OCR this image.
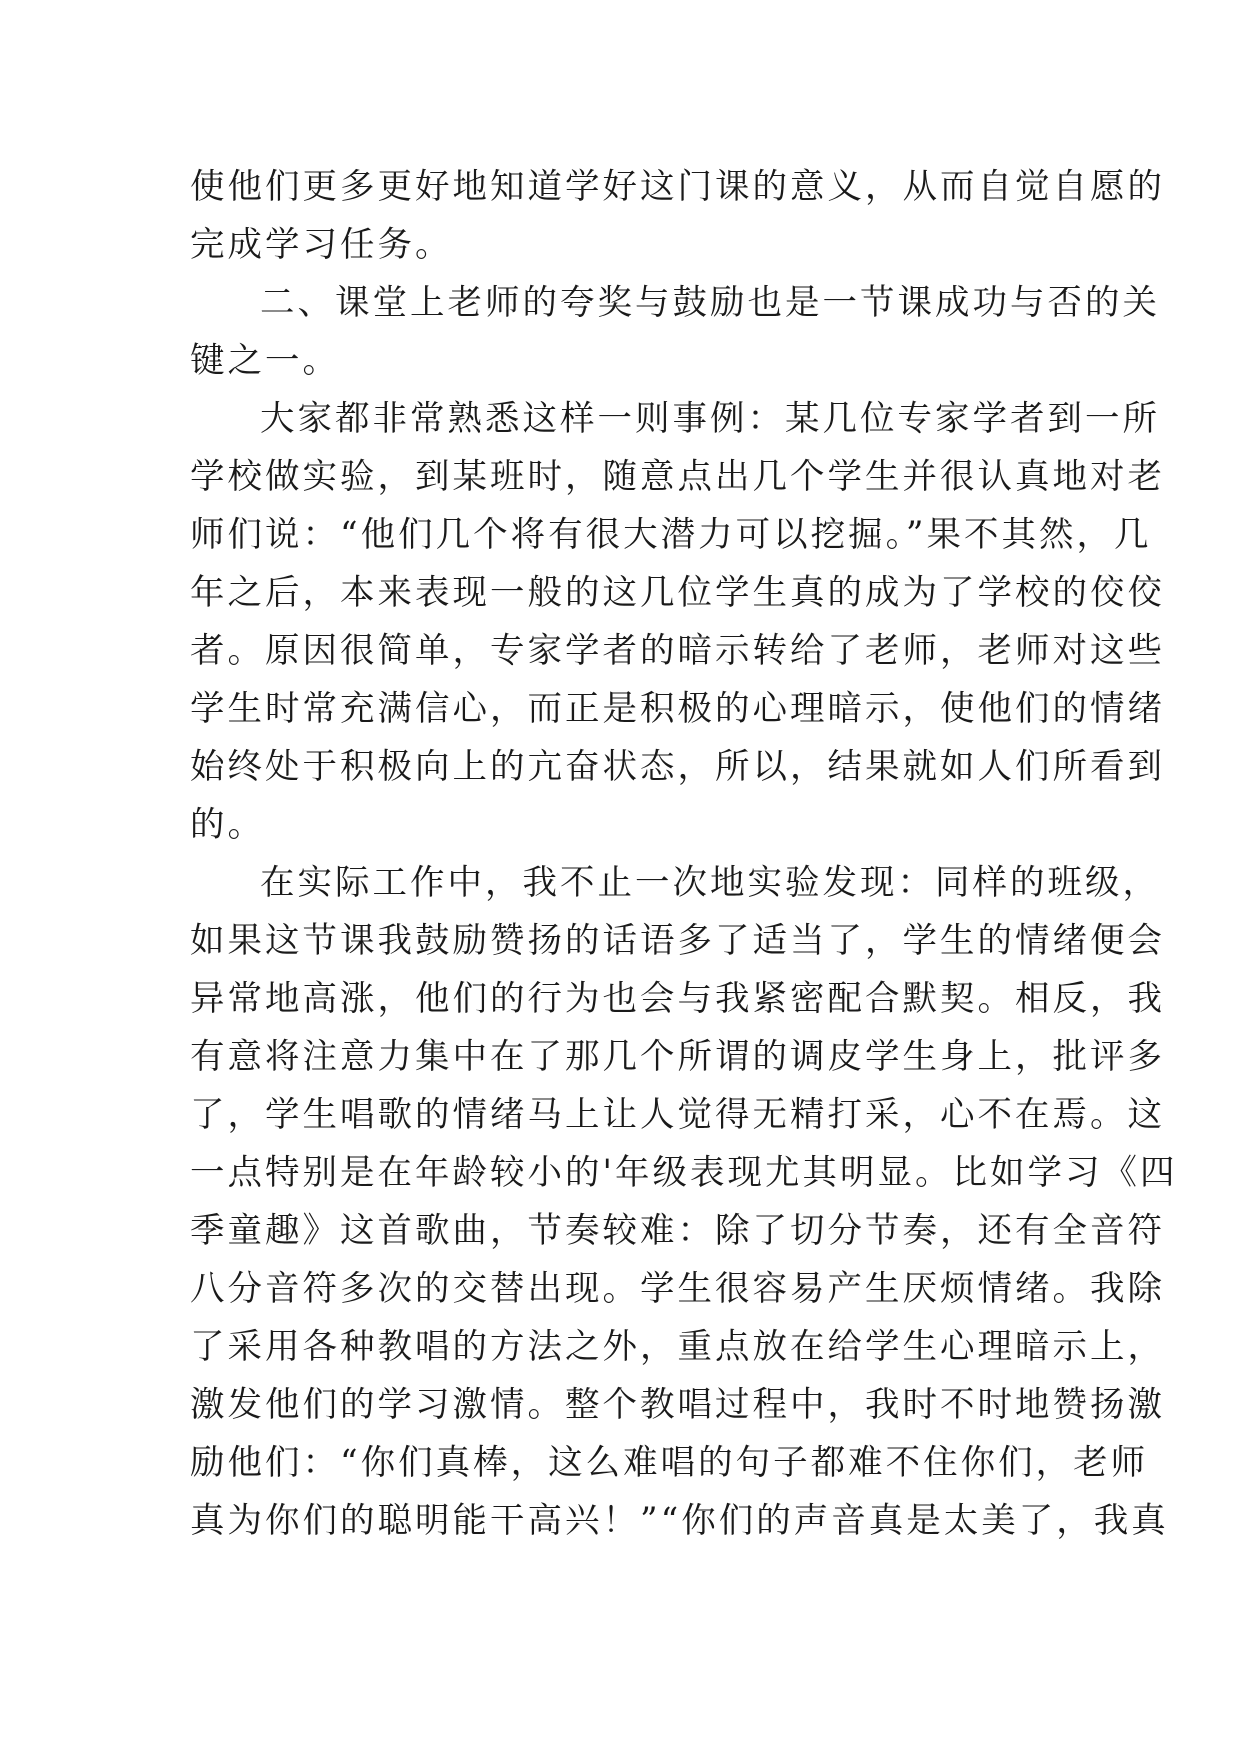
使他们更多更好地知道学好这门课的意义，从而自觉自愿的
完成学习任务。
二、课堂上老师的夸奖与鼓励也是一节课成功与否的关
键之一。
大家都非常熟悉这样一则事例：某几位专家学者到一所
学校做实验，到某班时，随意点出几个学生并很认真地对老
师们说：“他们几个将有很大潜力可以挖掘。”果不其然，几
年之后，本来表现一般的这几位学生真的成为了学校的佼佼
者。原因很简单，专家学者的暗示转给了老师，老师对这些
学生时常充满信心，而正是积极的心理暗示，使他们的情绪
始终处于积极向上的亢奋状态，所以，结果就如人们所看到
的。
在实际工作中，我不止一次地实验发现：同样的班级，
如果这节课我鼓励赞扬的话语多了适当了，学生的情绪便会
异常地高涨，他们的行为也会与我紧密配合默契。相反，我
有意将注意力集中在了那几个所谓的调皮学生身上，批评多
了，学生唱歌的情绪马上让人觉得无精打采，心不在焉。这
一点特别是在年龄较小的'年级表现尤其明显。比如学习《四
季童趣》这首歌曲，节奏较难：除了切分节奏，还有全音符
八分音符多次的交替出现。学生很容易产生厌烦情绪。我除
了采用各种教唱的方法之外，重点放在给学生心理暗示上，
激发他们的学习激情。整个教唱过程中，我时不时地赞扬激
励他们：“你们真棒，这么难唱的句子都难不住你们，老师
真为你们的聪明能干高兴！”“你们的声音真是太美了，我真
